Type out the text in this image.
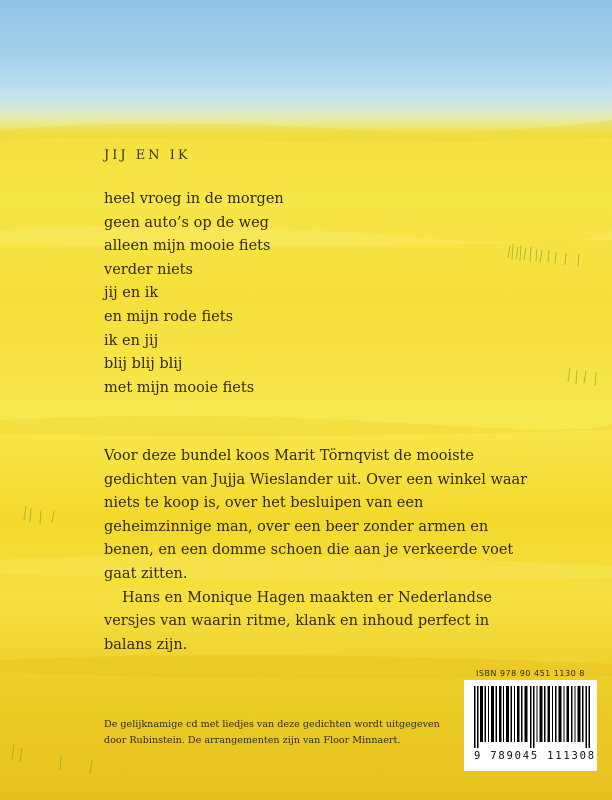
JIJ EN IK
heel vroeg in de morgen
geen auto’s op de weg
alleen mijn mooie fiets
verder niets
jij en ik
en mijn rode fiets
ik en jij
blij blij blij
met mijn mooie fiets

Voor deze bundel koos Marit Törnqvist de mooiste gedichten van Jujja Wieslander uit. Over een winkel waar niets te koop is, over het besluipen van een geheimzinnige man, over een beer zonder armen en benen, en een domme schoen die aan je verkeerde voet gaat zitten.

Hans en Monique Hagen maakten er Nederlandse versjes van waarin ritme, klank en inhoud perfect in balans zijn.

De gelijknamige cd met liedjes van deze gedichten wordt uitgegeven door Rubinstein. De arrangementen zijn van Floor Minnaert.
ISBN 978 90 451 1130 8
9 789045 111308
